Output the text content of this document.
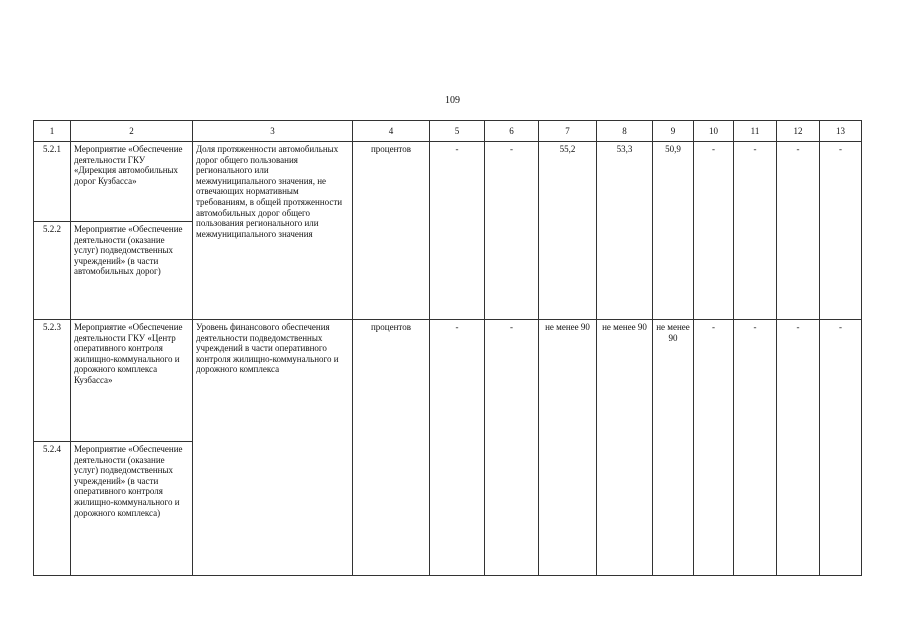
109
1	2	3	4	5	6	7	8	9	10	11	12	13
5.2.1	Мероприятие «Обеспечение деятельности ГКУ «Дирекция автомобильных дорог Кузбасса»	Доля протяженности автомобильных дорог общего пользования регионального или межмуниципального значения, не отвечающих нормативным требованиям, в общей протяженности автомобильных дорог общего пользования регионального или межмуниципального значения	процентов	-	-	55,2	53,3	50,9	-	-	-	-
5.2.2	Мероприятие «Обеспечение деятельности (оказание услуг) подведомственных учреждений» (в части автомобильных дорог)											
5.2.3	Мероприятие «Обеспечение деятельности ГКУ «Центр оперативного контроля жилищно-коммунального и дорожного комплекса Кузбасса»	Уровень финансового обеспечения деятельности подведомственных учреждений в части оперативного контроля жилищно-коммунального и дорожного комплекса	процентов	-	-	не менее 90	не менее 90	не менее 90	-	-	-	-
5.2.4	Мероприятие «Обеспечение деятельности (оказание услуг) подведомственных учреждений» (в части оперативного контроля жилищно-коммунального и дорожного комплекса)											
